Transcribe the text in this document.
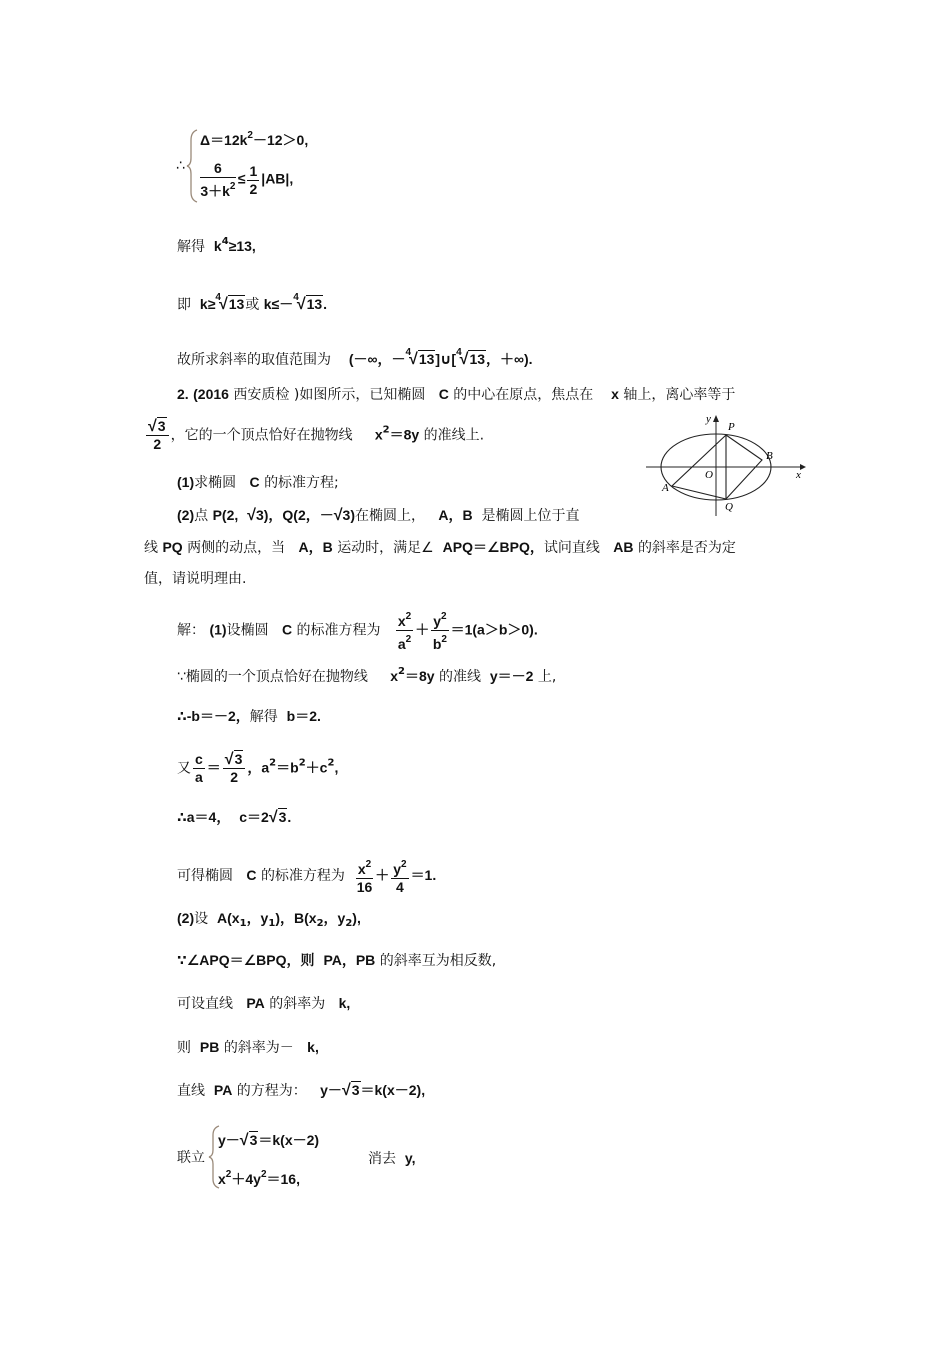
∴
$\Delta=12k^2-12>0$,
$\frac{6}{3+k^2} \le \frac{1}{2} |AB|$,
解得 $k^4\ge 13$,
即 k≥$^4$√13或 k≤－$^4$√13.
故所求斜率的取值范围为 (－∞，－$^4$√13]∪[$^4$√13，＋∞).
2. (2016 西安质检 )如图所示，已知椭圆 C 的中心在原点，焦点在 x 轴上，离心率等于
$\frac{√3}{2}$ ，它的一个顶点恰好在抛物线 $x^2=8y$ 的准线上.
(1)求椭圆 C 的标准方程;
(2)点 P(2, √3)，Q(2，－√3)在椭圆上， A，B 是椭圆上位于直
线 PQ 两侧的动点，当 A，B 运动时，满足∠ APQ＝∠BPQ，试问直线 AB 的斜率是否为定
值，请说明理由.
y
x
P
B
O
A
Q
解： (1)设椭圆 C 的标准方程为 $\frac{x^2}{a^2} + \frac{y^2}{b^2} =1(a>b>0)$.
∵椭圆的一个顶点恰好在抛物线 $x^2=8y$ 的准线 y＝－2 上,
∴-b＝－2，解得 b＝2.
又 $\frac{c}{a} = \frac{√3}{2}$ ，$a^2=b^2+c^2$,
∴a＝4， c＝2√3.
可得椭圆 C 的标准方程为 $\frac{x^2}{16} + \frac{y^2}{4} =1$.
(2)设 $A(x_1$，$y_1$)，$B(x_2$，$y_2$),
∵∠APQ＝∠BPQ，则 PA，PB 的斜率互为相反数,
可设直线 PA 的斜率为 k,
则 PB 的斜率为－ k,
直线 PA 的方程为： y－√3＝k(x－2),
联立
y－√3＝k(x－2)
$x^2+4y^2=16$,
消去 y,
